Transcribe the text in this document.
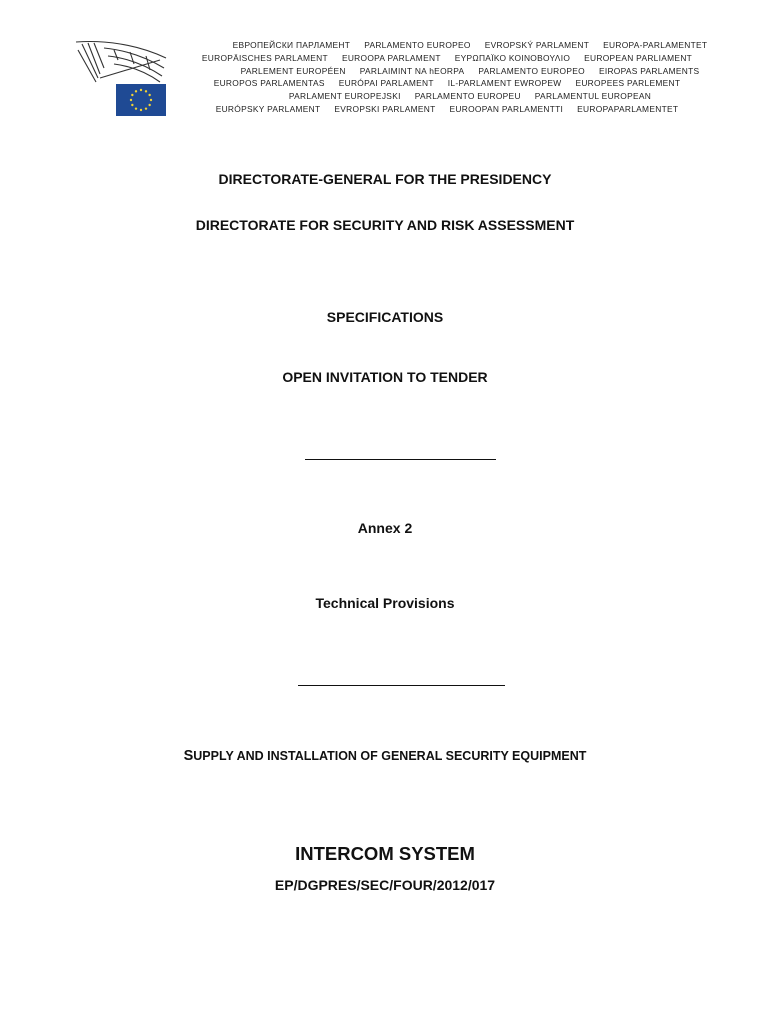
ЕВРОПЕЙСКИ ПАРЛАМЕНТ PARLAMENTO EUROPEO EVROPSKÝ PARLAMENT EUROPA-PARLAMENTET
EUROPÄISCHES PARLAMENT EUROOPA PARLAMENT ΕΥΡΩΠΑΪΚΟ ΚΟΙΝΟΒΟΥΛΙΟ EUROPEAN PARLIAMENT
PARLEMENT EUROPÉEN PARLAIMINT NA hEORPA PARLAMENTO EUROPEO EIROPAS PARLAMENTS
EUROPOS PARLAMENTAS EURÓPAI PARLAMENT IL-PARLAMENT EWROPEW EUROPEES PARLEMENT
PARLAMENT EUROPEJSKI PARLAMENTO EUROPEU PARLAMENTUL EUROPEAN
EURÓPSKY PARLAMENT EVROPSKI PARLAMENT EUROOPAN PARLAMENTTI EUROPAPARLAMENTET
DIRECTORATE-GENERAL FOR THE PRESIDENCY
DIRECTORATE FOR SECURITY AND RISK ASSESSMENT
SPECIFICATIONS
OPEN INVITATION TO TENDER
Annex 2
Technical Provisions
SUPPLY AND INSTALLATION OF GENERAL SECURITY EQUIPMENT
INTERCOM SYSTEM
EP/DGPRES/SEC/FOUR/2012/017
